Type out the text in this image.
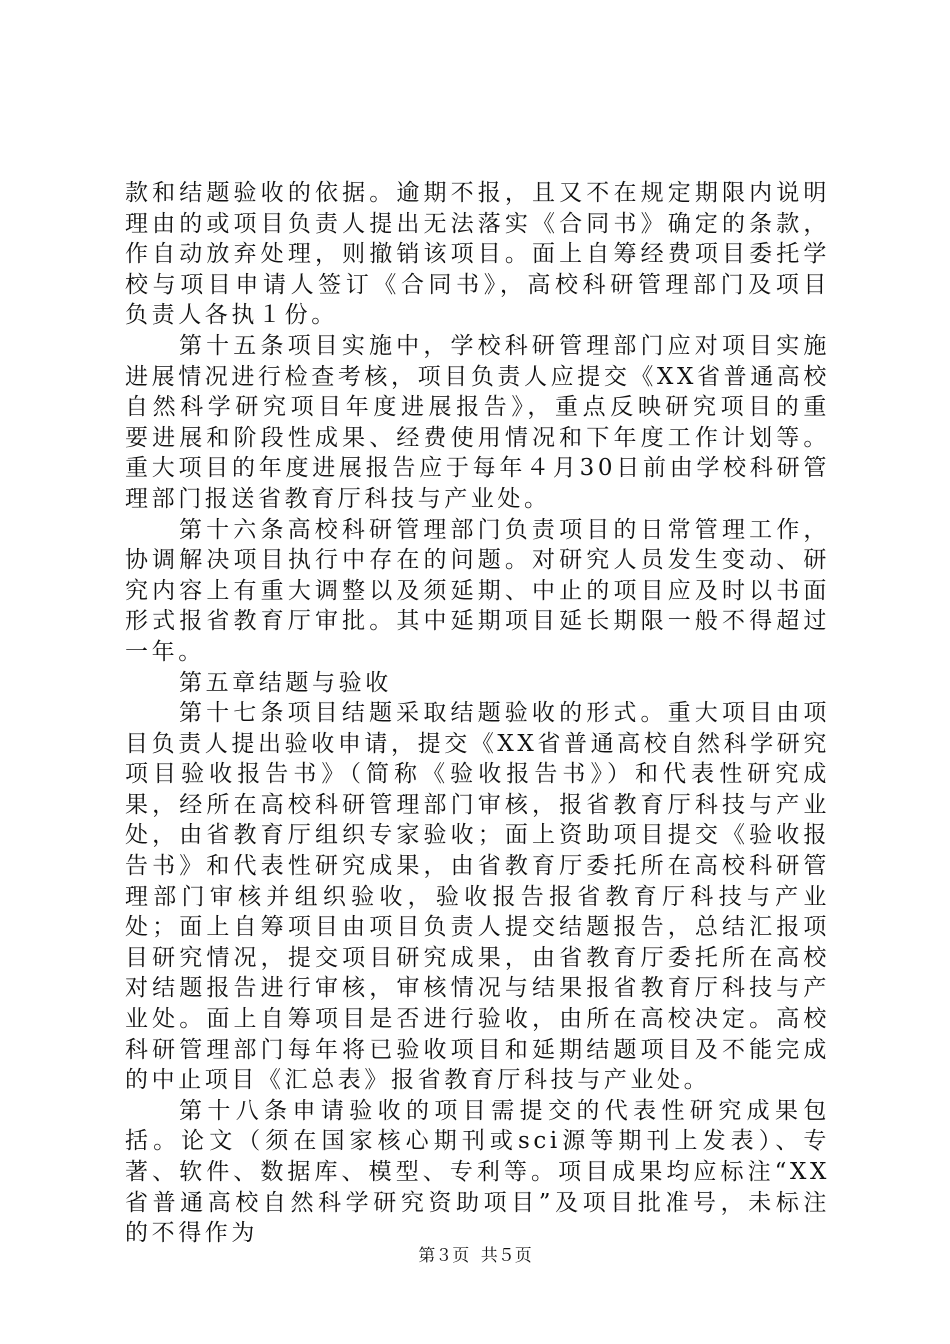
款和结题验收的依据。逾期不报，且又不在规定期限内说明理由的或项目负责人提出无法落实《合同书》确定的条款，作自动放弃处理，则撤销该项目。面上自筹经费项目委托学校与项目申请人签订《合同书》，高校科研管理部门及项目负责人各执１份。

第十五条项目实施中，学校科研管理部门应对项目实施进展情况进行检查考核，项目负责人应提交《XX省普通高校自然科学研究项目年度进展报告》，重点反映研究项目的重要进展和阶段性成果、经费使用情况和下年度工作计划等。重大项目的年度进展报告应于每年４月30日前由学校科研管理部门报送省教育厅科技与产业处。

第十六条高校科研管理部门负责项目的日常管理工作，协调解决项目执行中存在的问题。对研究人员发生变动、研究内容上有重大调整以及须延期、中止的项目应及时以书面形式报省教育厅审批。其中延期项目延长期限一般不得超过一年。

第五章结题与验收

第十七条项目结题采取结题验收的形式。重大项目由项目负责人提出验收申请，提交《XX省普通高校自然科学研究项目验收报告书》（简称《验收报告书》）和代表性研究成果，经所在高校科研管理部门审核，报省教育厅科技与产业处，由省教育厅组织专家验收；面上资助项目提交《验收报告书》和代表性研究成果，由省教育厅委托所在高校科研管理部门审核并组织验收，验收报告报省教育厅科技与产业处；面上自筹项目由项目负责人提交结题报告，总结汇报项目研究情况，提交项目研究成果，由省教育厅委托所在高校对结题报告进行审核，审核情况与结果报省教育厅科技与产业处。面上自筹项目是否进行验收，由所在高校决定。高校科研管理部门每年将已验收项目和延期结题项目及不能完成的中止项目《汇总表》报省教育厅科技与产业处。

第十八条申请验收的项目需提交的代表性研究成果包括。论文（须在国家核心期刊或sci源等期刊上发表）、专著、软件、数据库、模型、专利等。项目成果均应标注“XX省普通高校自然科学研究资助项目”及项目批准号，未标注的不得作为

第３页 共５页
